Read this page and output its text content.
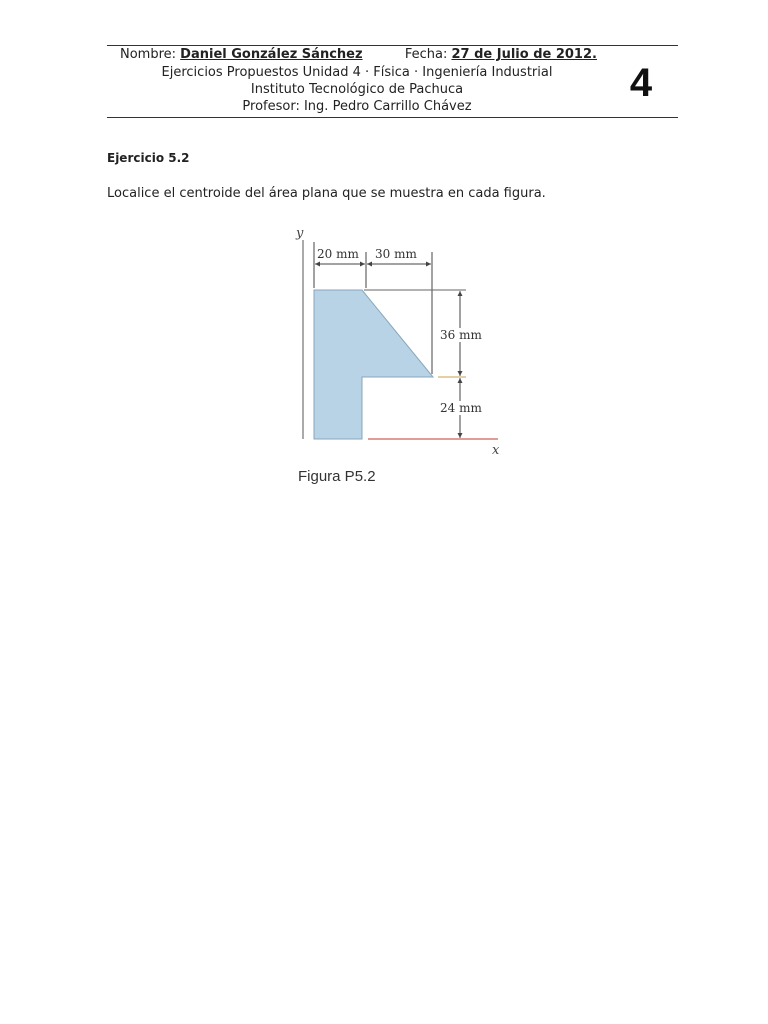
Nombre: Daniel González Sánchez	Fecha: 27 de Julio de 2012.
Ejercicios Propuestos Unidad 4 · Física · Ingeniería Industrial
Instituto Tecnológico de Pachuca
Profesor: Ing. Pedro Carrillo Chávez
4
Ejercicio 5.2
Localice el centroide del área plana que se muestra en cada figura.
y
20 mm 30 mm
x
36 mm
24 mm
Figura P5.2
